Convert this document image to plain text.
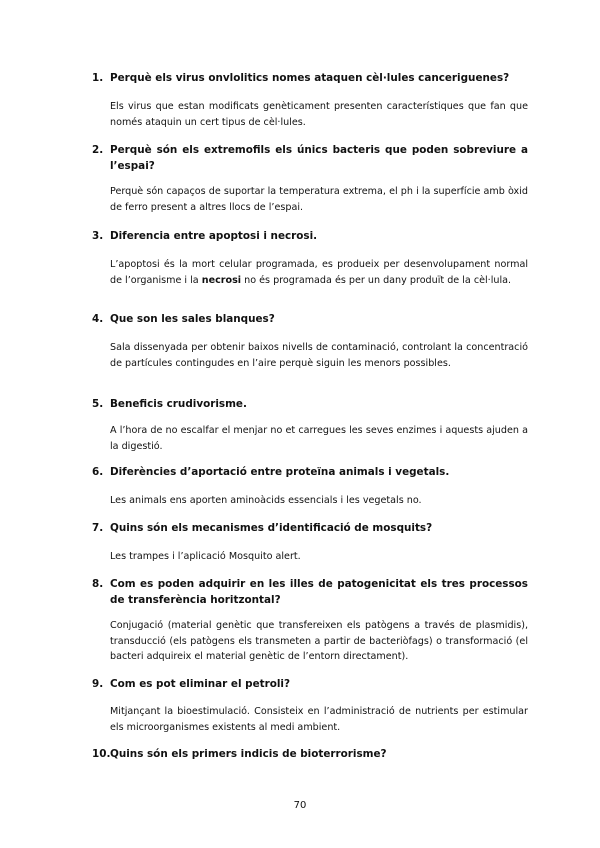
1. Perquè els virus onvlolitics nomes ataquen cèl·lules canceriguenes?

Els virus que estan modificats genèticament presenten característiques que fan que només ataquin un cert tipus de cèl·lules.

2. Perquè són els extremofils els únics bacteris que poden sobreviure a l’espai?

Perquè són capaços de suportar la temperatura extrema, el ph i la superfície amb òxid de ferro present a altres llocs de l’espai.

3. Diferencia entre apoptosi i necrosi.

L’apoptosi és la mort celular programada, es produeix per desenvolupament normal de l’organisme i la necrosi no és programada és per un dany produït de la cèl·lula.

4. Que son les sales blanques?

Sala dissenyada per obtenir baixos nivells de contaminació, controlant la concentració de partícules contingudes en l’aire perquè siguin les menors possibles.

5. Beneficis crudivorisme.

A l’hora de no escalfar el menjar no et carregues les seves enzimes i aquests ajuden a la digestió.

6. Diferències d’aportació entre proteïna animals i vegetals.

Les animals ens aporten aminoàcids essencials i les vegetals no.

7. Quins són els mecanismes d’identificació de mosquits?

Les trampes i l’aplicació Mosquito alert.

8. Com es poden adquirir en les illes de patogenicitat els tres processos de transferència horitzontal?

Conjugació (material genètic que transfereixen els patògens a través de plasmidis), transducció (els patògens els transmeten a partir de bacteriòfags) o transformació (el bacteri adquireix el material genètic de l’entorn directament).

9. Com es pot eliminar el petroli?

Mitjançant la bioestimulació. Consisteix en l’administració de nutrients per estimular els microorganismes existents al medi ambient.

10. Quins són els primers indicis de bioterrorisme?

70
